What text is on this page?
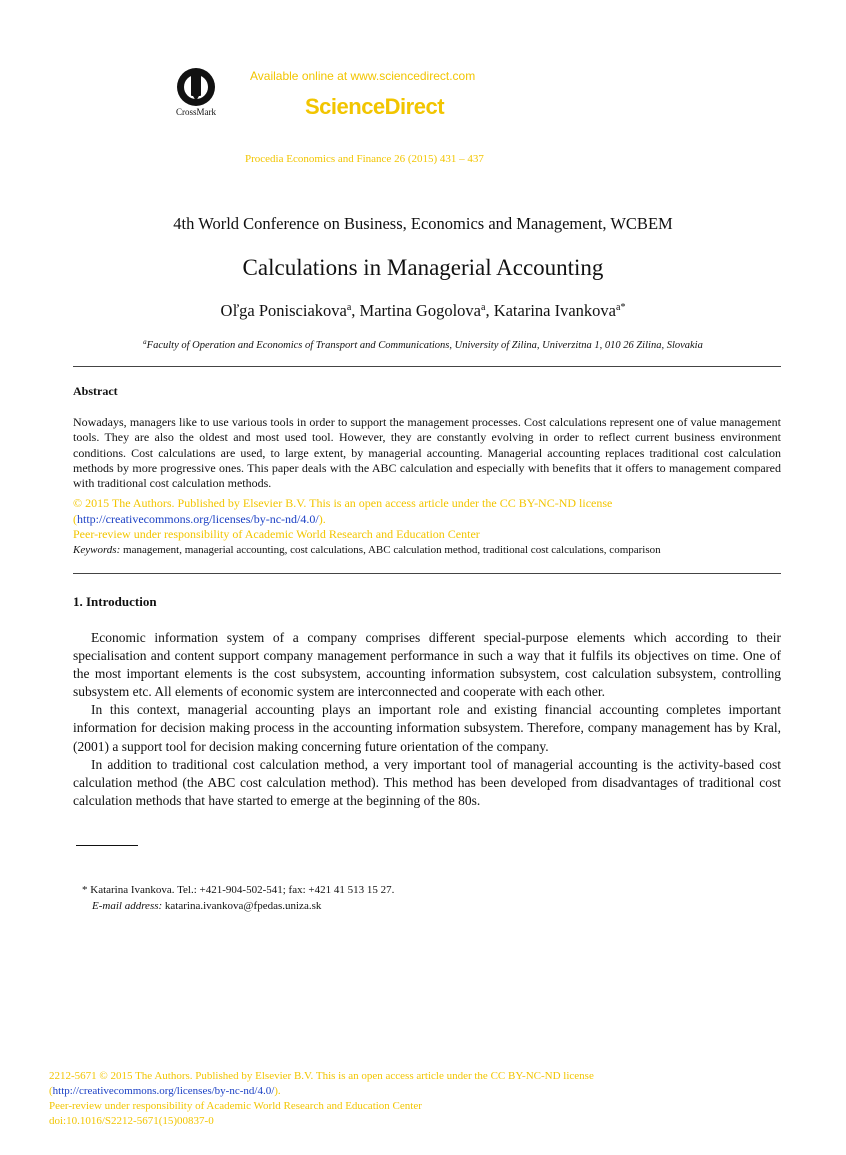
CrossMark
Available online at www.sciencedirect.com
ScienceDirect
Procedia Economics and Finance 26 (2015) 431 – 437
4th World Conference on Business, Economics and Management, WCBEM
Calculations in Managerial Accounting
Oľga Ponisciakova$^a$, Martina Gogolova$^a$, Katarina Ivankova$^{a*}$
$^a$Faculty of Operation and Economics of Transport and Communications, University of Zilina, Univerzitna 1, 010 26 Zilina, Slovakia
Abstract
Nowadays, managers like to use various tools in order to support the management processes. Cost calculations represent one of value management tools. They are also the oldest and most used tool. However, they are constantly evolving in order to reflect current business environment conditions. Cost calculations are used, to large extent, by managerial accounting. Managerial accounting replaces traditional cost calculation methods by more progressive ones. This paper deals with the ABC calculation and especially with benefits that it offers to management compared with traditional cost calculation methods.
© 2015 The Authors. Published by Elsevier B.V. This is an open access article under the CC BY-NC-ND license
(http://creativecommons.org/licenses/by-nc-nd/4.0/).
Peer-review under responsibility of Academic World Research and Education Center
Keywords: management, managerial accounting, cost calculations, ABC calculation method, traditional cost calculations, comparison
1. Introduction

Economic information system of a company comprises different special-purpose elements which according to their specialisation and content support company management performance in such a way that it fulfils its objectives on time. One of the most important elements is the cost subsystem, accounting information subsystem, cost calculation subsystem, controlling subsystem etc. All elements of economic system are interconnected and cooperate with each other.

In this context, managerial accounting plays an important role and existing financial accounting completes important information for decision making process in the accounting information subsystem. Therefore, company management has by Kral, (2001) a support tool for decision making concerning future orientation of the company.

In addition to traditional cost calculation method, a very important tool of managerial accounting is the activity-based cost calculation method (the ABC cost calculation method). This method has been developed from disadvantages of traditional cost calculation methods that have started to emerge at the beginning of the 80s.

* Katarina Ivankova. Tel.: +421-904-502-541; fax: +421 41 513 15 27.
E-mail address: katarina.ivankova@fpedas.uniza.sk
2212-5671 © 2015 The Authors. Published by Elsevier B.V. This is an open access article under the CC BY-NC-ND license
(http://creativecommons.org/licenses/by-nc-nd/4.0/).
Peer-review under responsibility of Academic World Research and Education Center
doi:10.1016/S2212-5671(15)00837-0
